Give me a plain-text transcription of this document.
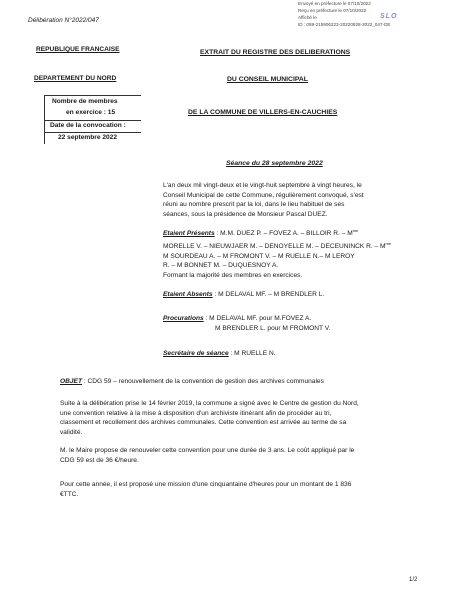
Envoyé en préfecture le 07/10/2022
Reçu en préfecture le 07/10/2022
Affiché le
ID : 059-215906223-20220928-2022_047-DE
SLO
Délibération N°2022/047
REPUBLIQUE FRANCAISE
DEPARTEMENT DU NORD
Nombre de membres
en exercice : 15
Date de la convocation :
22 septembre 2022
EXTRAIT DU REGISTRE DES DELIBERATIONS
DU CONSEIL MUNICIPAL
DE LA COMMUNE DE VILLERS-EN-CAUCHIES
Séance du 28 septembre 2022
L'an deux mil vingt-deux et le vingt-huit septembre à vingt heures, le
Conseil Municipal de cette Commune, régulièrement convoqué, s'est
réuni au nombre prescrit par la loi, dans le lieu habituel de ses
séances, sous la présidence de Monsieur Pascal DUEZ.
Etaient Présents : M.M. DUEZ P. – FOVEZ A. – BILLOIR R. – $M^{me}$
MORELLE V. – NIEUWJAER M. – DENOYELLE M. – DECEUNINCK R. – $M^{me}$
M SOURDEAU A. – M FROMONT V. – M RUELLE N.– M LEROY
R. – M BONNET M. – DUQUESNOY A.
Formant la majorité des membres en exercices.
Etaient Absents : M DELAVAL MF. – M BRENDLER L.
Procurations : M DELAVAL MF. pour M.FOVEZ A.
M BRENDLER L. pour M FROMONT V.
Secrétaire de séance : M RUELLE N.
OBJET : CDG 59 – renouvellement de la convention de gestion des archives communales
Suite à la délibération prise le 14 février 2019, la commune a signé avec le Centre de gestion du Nord,
une convention relative à la mise à disposition d'un archiviste itinérant afin de procéder au tri,
classement et recollement des archives communales. Cette convention est arrivée au terme de sa
validité.
M. le Maire propose de renouveler cette convention pour une durée de 3 ans. Le coût appliqué par le
CDG 59 est de 36 €/heure.
Pour cette année, il est proposé une mission d'une cinquantaine d'heures pour un montant de 1 836
€TTC.
1/2
